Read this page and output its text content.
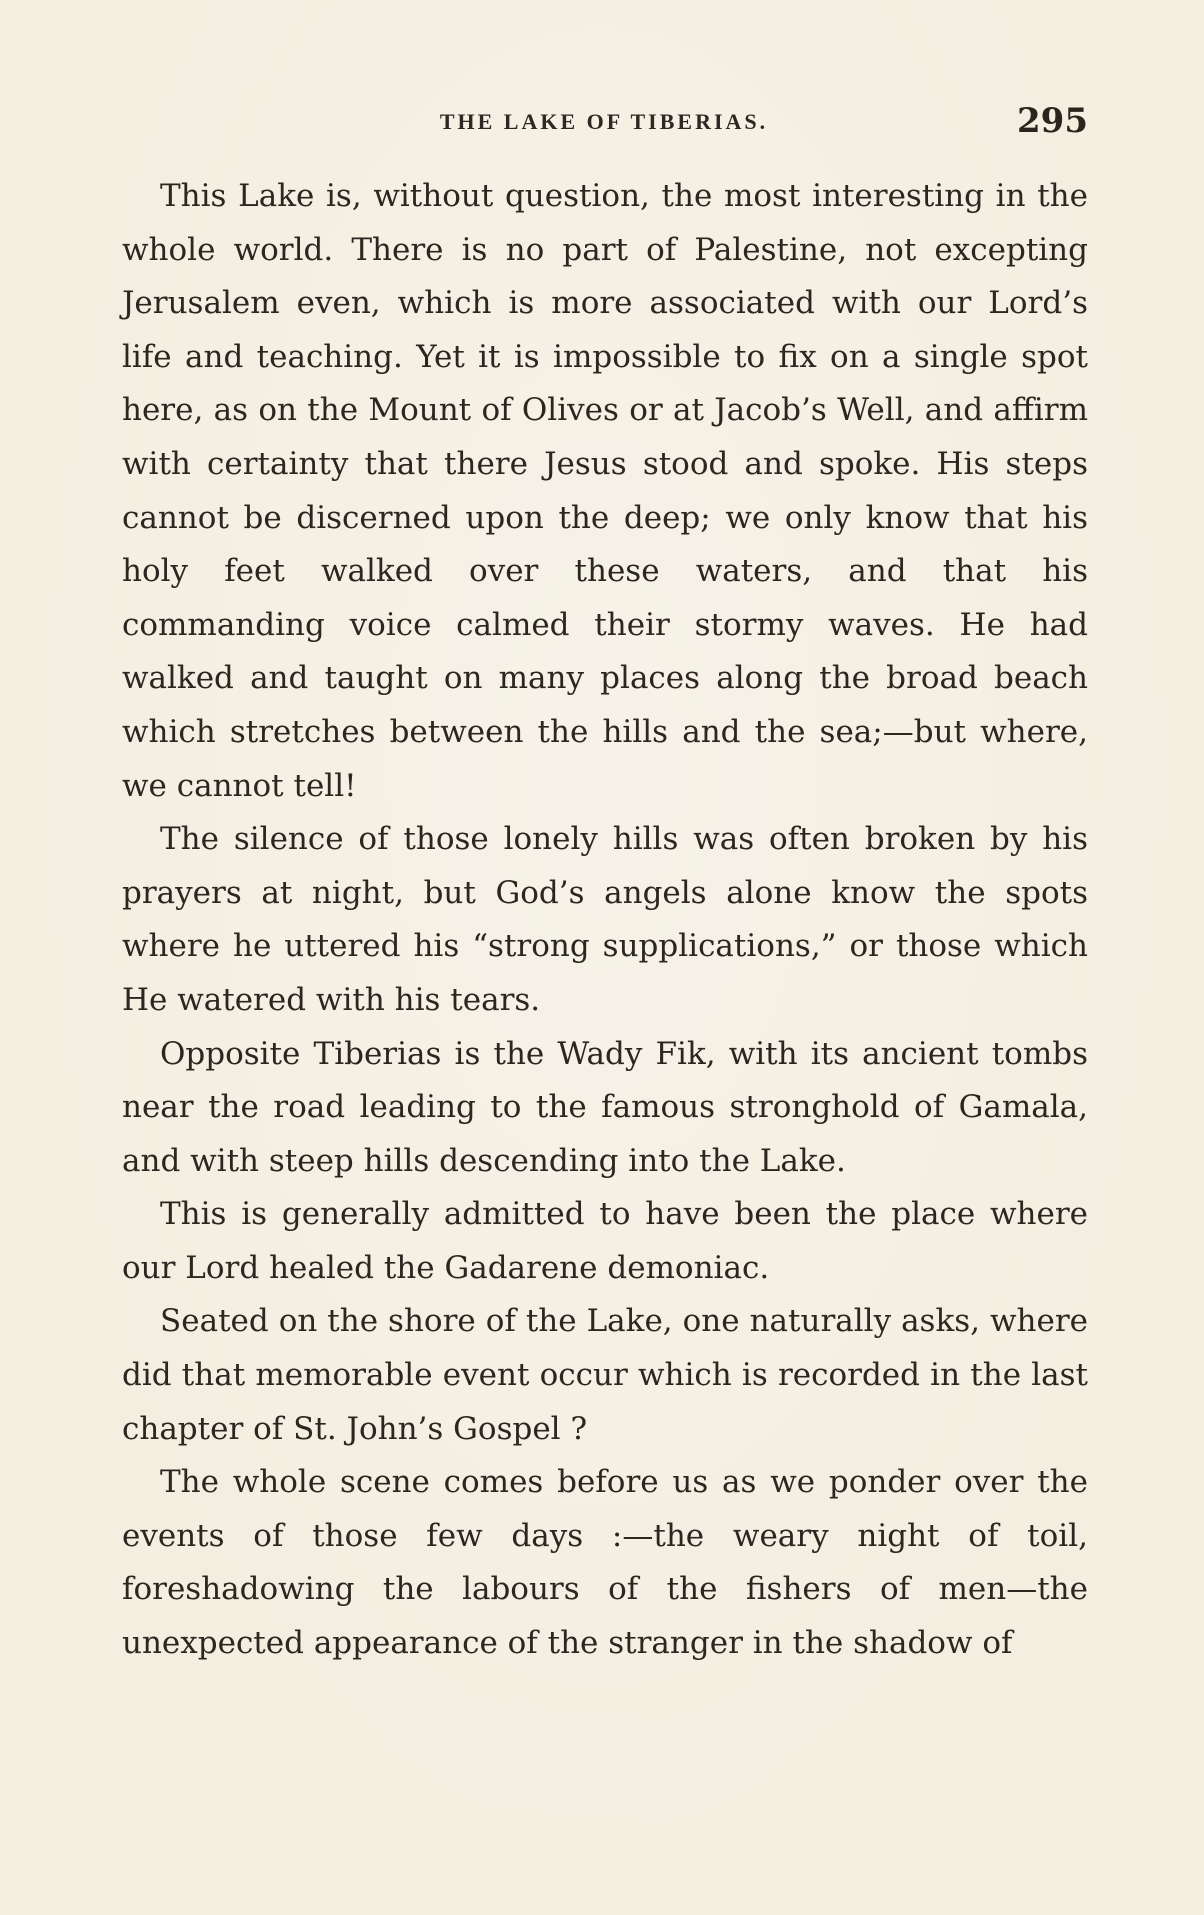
THE LAKE OF TIBERIAS.	295

This Lake is, without question, the most interesting in the whole world. There is no part of Palestine, not excepting Jerusalem even, which is more associated with our Lord’s life and teaching. Yet it is impossible to fix on a single spot here, as on the Mount of Olives or at Jacob’s Well, and affirm with certainty that there Jesus stood and spoke. His steps cannot be discerned upon the deep; we only know that his holy feet walked over these waters, and that his commanding voice calmed their stormy waves. He had walked and taught on many places along the broad beach which stretches between the hills and the sea;—but where, we cannot tell!

The silence of those lonely hills was often broken by his prayers at night, but God’s angels alone know the spots where he uttered his “strong supplications,” or those which He watered with his tears.

Opposite Tiberias is the Wady Fik, with its ancient tombs near the road leading to the famous stronghold of Gamala, and with steep hills descending into the Lake.

This is generally admitted to have been the place where our Lord healed the Gadarene demoniac.

Seated on the shore of the Lake, one naturally asks, where did that memorable event occur which is recorded in the last chapter of St. John’s Gospel ?

The whole scene comes before us as we ponder over the events of those few days :—the weary night of toil, foreshadowing the labours of the fishers of men—the unexpected appearance of the stranger in the shadow of
